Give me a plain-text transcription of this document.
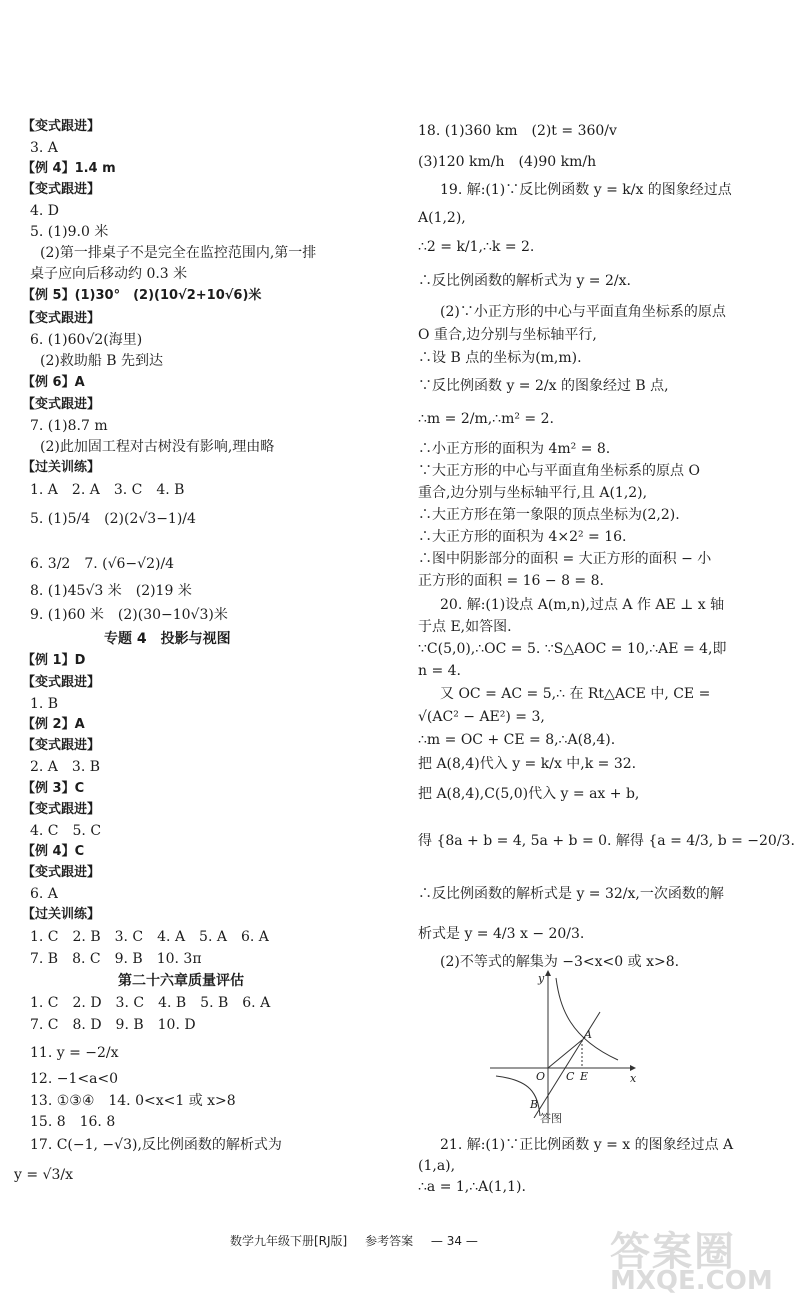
【变式跟进】
3. A
【例 4】1.4 m
【变式跟进】
4. D
5. (1)9.0 米
(2)第一排桌子不是完全在监控范围内,第一排
桌子应向后移动约 0.3 米
【例 5】(1)30°　(2)(10√2+10√6)米
【变式跟进】
6. (1)60√2(海里)
(2)救助船 B 先到达
【例 6】A
【变式跟进】
7. (1)8.7 m
(2)此加固工程对古树没有影响,理由略
【过关训练】
1. A　2. A　3. C　4. B
5. (1)5/4　(2)(2√3−1)/4
6. 3/2　7. (√6−√2)/4
8. (1)45√3 米　(2)19 米
9. (1)60 米　(2)(30−10√3)米
专题 4　投影与视图
【例 1】D
【变式跟进】
1. B
【例 2】A
【变式跟进】
2. A　3. B
【例 3】C
【变式跟进】
4. C　5. C
【例 4】C
【变式跟进】
6. A
【过关训练】
1. C　2. B　3. C　4. A　5. A　6. A
7. B　8. C　9. B　10. 3π
第二十六章质量评估
1. C　2. D　3. C　4. B　5. B　6. A
7. C　8. D　9. B　10. D
11. y = −2/x
12. −1<a<0
13. ①③④　14. 0<x<1 或 x>8
15. 8　16. 8
17. C(−1, −√3),反比例函数的解析式为
y = √3/x
18. (1)360 km　(2)t = 360/v
(3)120 km/h　(4)90 km/h
19. 解:(1)∵反比例函数 y = k/x 的图象经过点
A(1,2),
∴2 = k/1,∴k = 2.
∴反比例函数的解析式为 y = 2/x.
(2)∵小正方形的中心与平面直角坐标系的原点
O 重合,边分别与坐标轴平行,
∴设 B 点的坐标为(m,m).
∵反比例函数 y = 2/x 的图象经过 B 点,
∴m = 2/m,∴m² = 2.
∴小正方形的面积为 4m² = 8.
∵大正方形的中心与平面直角坐标系的原点 O
重合,边分别与坐标轴平行,且 A(1,2),
∴大正方形在第一象限的顶点坐标为(2,2).
∴大正方形的面积为 4×2² = 16.
∴图中阴影部分的面积 = 大正方形的面积 − 小
正方形的面积 = 16 − 8 = 8.
20. 解:(1)设点 A(m,n),过点 A 作 AE ⊥ x 轴
于点 E,如答图.
∵C(5,0),∴OC = 5. ∵S△AOC = 10,∴AE = 4,即
n = 4.
又 OC = AC = 5,∴ 在 Rt△ACE 中, CE =
√(AC² − AE²) = 3,
∴m = OC + CE = 8,∴A(8,4).
把 A(8,4)代入 y = k/x 中,k = 32.
把 A(8,4),C(5,0)代入 y = ax + b,
得 {8a + b = 4, 5a + b = 0. 解得 {a = 4/3, b = −20/3.
∴反比例函数的解析式是 y = 32/x,一次函数的解
析式是 y = 4/3 x − 20/3.
(2)不等式的解集为 −3<x<0 或 x>8.
21. 解:(1)∵正比例函数 y = x 的图象经过点 A
(1,a),
∴a = 1,∴A(1,1).
y
x
O
A
C E
B
答图
数学九年级下册[RJ版] 参考答案 — 34 —	答案圈
MXQE.COM
